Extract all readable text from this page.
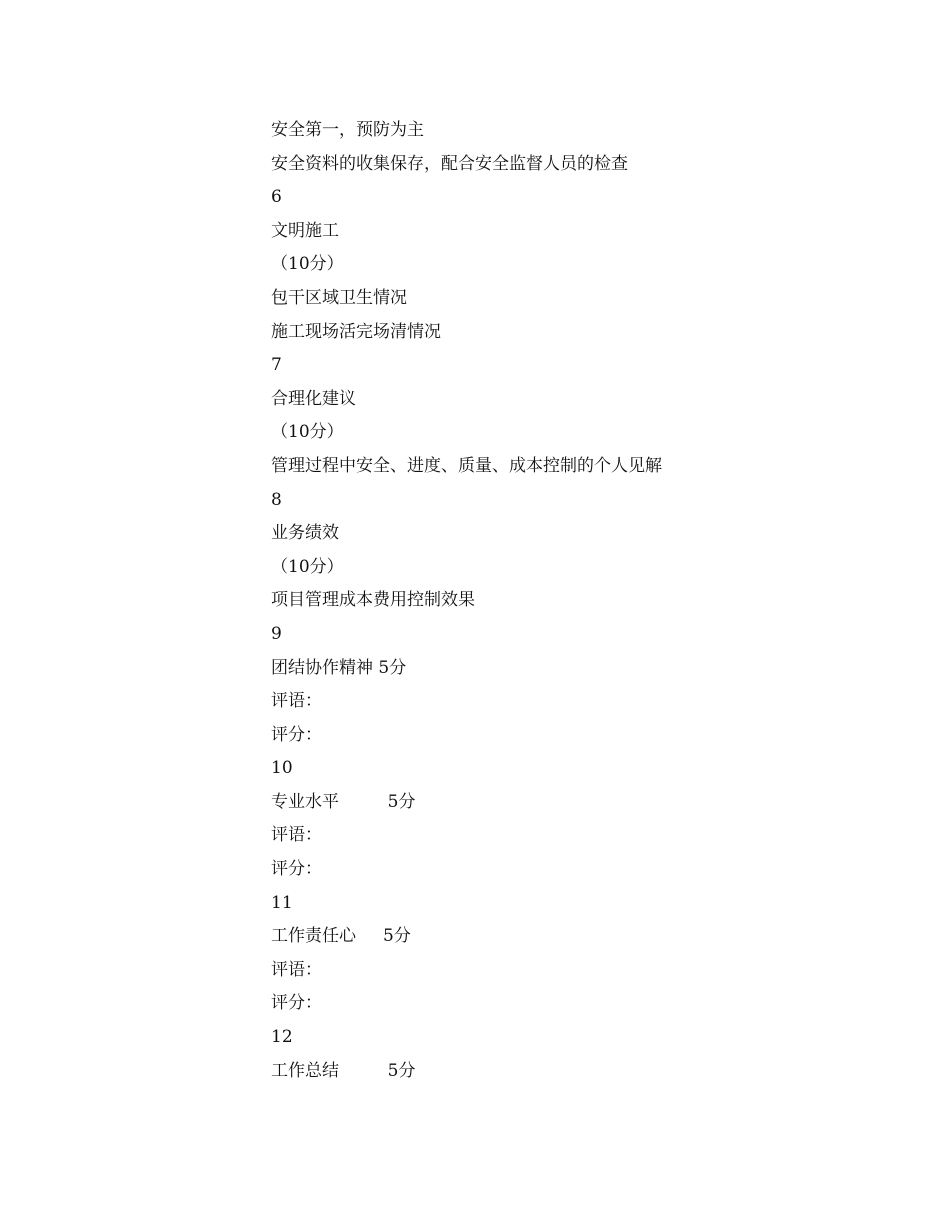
安全第一，预防为主
安全资料的收集保存，配合安全监督人员的检查
6
文明施工
（10分）
包干区域卫生情况
施工现场活完场清情况
7
合理化建议
（10分）
管理过程中安全、进度、质量、成本控制的个人见解
8
业务绩效
（10分）
项目管理成本费用控制效果
9
团结协作精神 5分
评语：
评分：
10
专业水平         5分
评语：
评分：
11
工作责任心     5分
评语：
评分：
12
工作总结         5分
